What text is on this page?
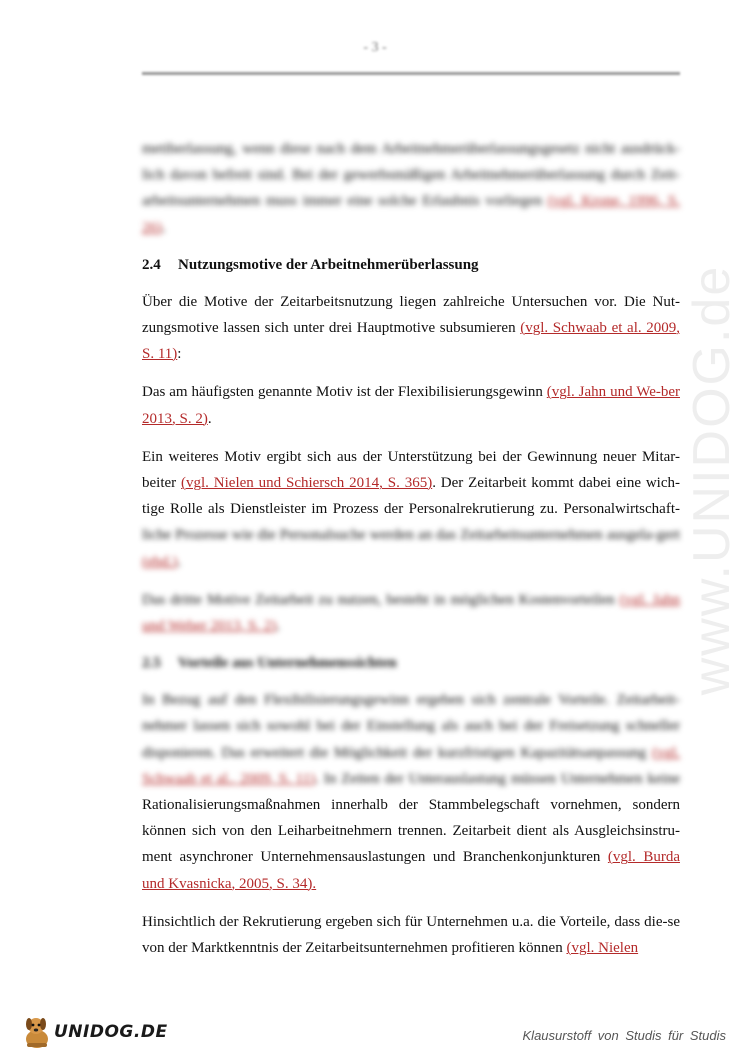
- 3 -
www.UNIDOG.de

metiberlassung, wenn diese nach dem Arbeitnehmerüberlassungsgesetz nicht ausdrück-lich davon befreit sind. Bei der gewerbsmäßigen Arbeitnehmerüberlassung durch Zeit-arbeitsunternehmen muss immer eine solche Erlaubnis vorliegen (vgl. Krone, 1996, S. 26).

2.4 Nutzungsmotive der Arbeitnehmerüberlassung

Über die Motive der Zeitarbeitsnutzung liegen zahlreiche Untersuchen vor. Die Nut-zungsmotive lassen sich unter drei Hauptmotive subsumieren (vgl. Schwaab et al. 2009, S. 11):

Das am häufigsten genannte Motiv ist der Flexibilisierungsgewinn (vgl. Jahn und We-ber 2013, S. 2).

Ein weiteres Motiv ergibt sich aus der Unterstützung bei der Gewinnung neuer Mitar-beiter (vgl. Nielen und Schiersch 2014, S. 365). Der Zeitarbeit kommt dabei eine wich-tige Rolle als Dienstleister im Prozess der Personalrekrutierung zu. Personalwirtschaft-liche Prozesse wie die Personalsuche werden an das Zeitarbeitsunternehmen ausgela-gert (ebd.).

Das dritte Motive Zeitarbeit zu nutzen, besteht in möglichen Kostenvorteilen (vgl. Jahn und Weber 2013, S. 2).

2.5 Vorteile aus Unternehmenssichten

In Bezug auf den Flexibilisierungsgewinn ergeben sich zentrale Vorteile. Zeitarbeit-nehmer lassen sich sowohl bei der Einstellung als auch bei der Freisetzung schneller disponieren. Das erweitert die Möglichkeit der kurzfristigen Kapazitätsanpassung (vgl. Schwaab et al., 2009, S. 11). In Zeiten der Unterauslastung müssen Unternehmen keine Rationalisierungsmaßnahmen innerhalb der Stammbelegschaft vornehmen, sondern können sich von den Leiharbeitnehmern trennen. Zeitarbeit dient als Ausgleichsinstru-ment asynchroner Unternehmensauslastungen und Branchenkonjunkturen (vgl. Burda und Kvasnicka, 2005, S. 34).

Hinsichtlich der Rekrutierung ergeben sich für Unternehmen u.a. die Vorteile, dass die-se von der Marktkenntnis der Zeitarbeitsunternehmen profitieren können (vgl. Nielen

UNIDOG.DE	Klausurstoff von Studis für Studis
